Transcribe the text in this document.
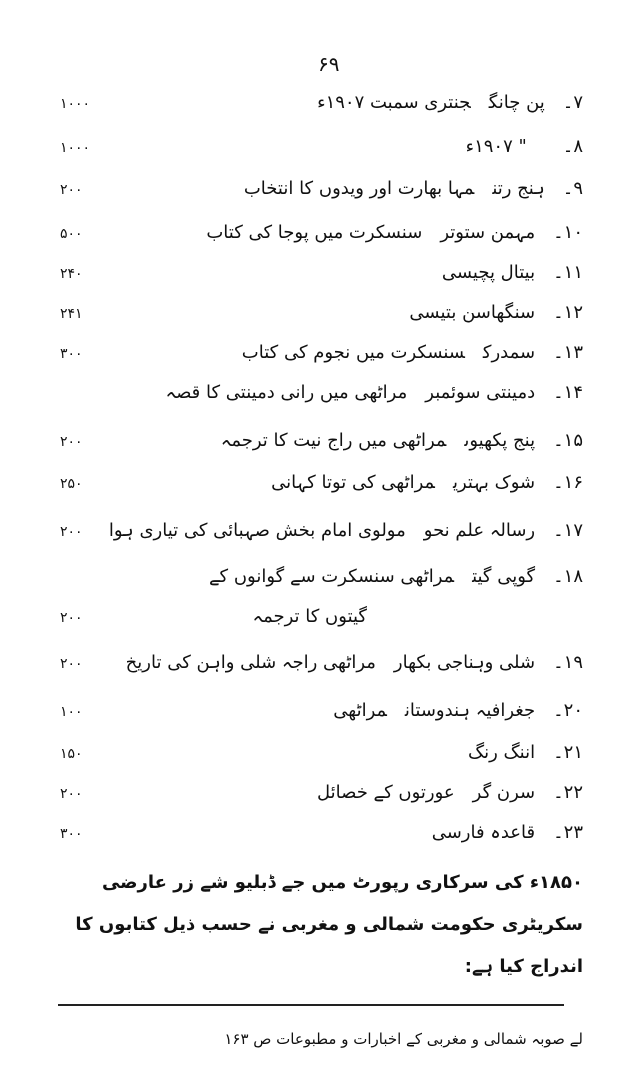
۶۹
۱۰۰۰	۷۔پن چانگجنتری سمبت ۱۹۰۷ء
۱۰۰۰	۸۔" ۱۹۰۷ء
۲۰۰	۹۔ہنج رتنمہا بھارت اور ویدوں کا انتخاب
۵۰۰	۱۰۔مہمن ستوترسنسکرت میں پوجا کی کتاب
۲۴۰	۱۱۔بیتال پچیسی
۲۴۱	۱۲۔سنگھاسن بتیسی
۳۰۰	۱۳۔سمدرکسنسکرت میں نجوم کی کتاب
۱۴۔دمینتی سوئمبرمراٹھی میں رانی دمینتی کا قصہ
۲۰۰	۱۵۔پنج پکھیوںمراٹھی میں راج نیت کا ترجمہ
۲۵۰	۱۶۔شوک بہتریمراٹھی کی توتا کہانی
۲۰۰	۱۷۔رسالہ علم نحومولوی امام بخش صہبائی کی تیاری ہوا
۱۸۔گوپی گیتمراٹھی سنسکرت سے گوانوں کے
۲۰۰	گیتوں کا ترجمہ
۲۰۰	۱۹۔شلی وہناجی بکھارمراٹھی راجہ شلی واہن کی تاریخ
۱۰۰	۲۰۔جغرافیہ ہندوستانمراٹھی
۱۵۰	۲۱۔اننگ رنگ
۲۰۰	۲۲۔سرن گرعورتوں کے خصائل
۳۰۰	۲۳۔قاعدہ فارسی
۱۸۵۰ء کی سرکاری رپورٹ میں جے ڈبلیو شے زر عارضی
سکریٹری حکومت شمالی و مغربی نے حسب ذیل کتابوں کا
اندراج کیا ہے:
لے صوبہ شمالی و مغربی کے اخبارات و مطبوعات ص ۱۶۳
